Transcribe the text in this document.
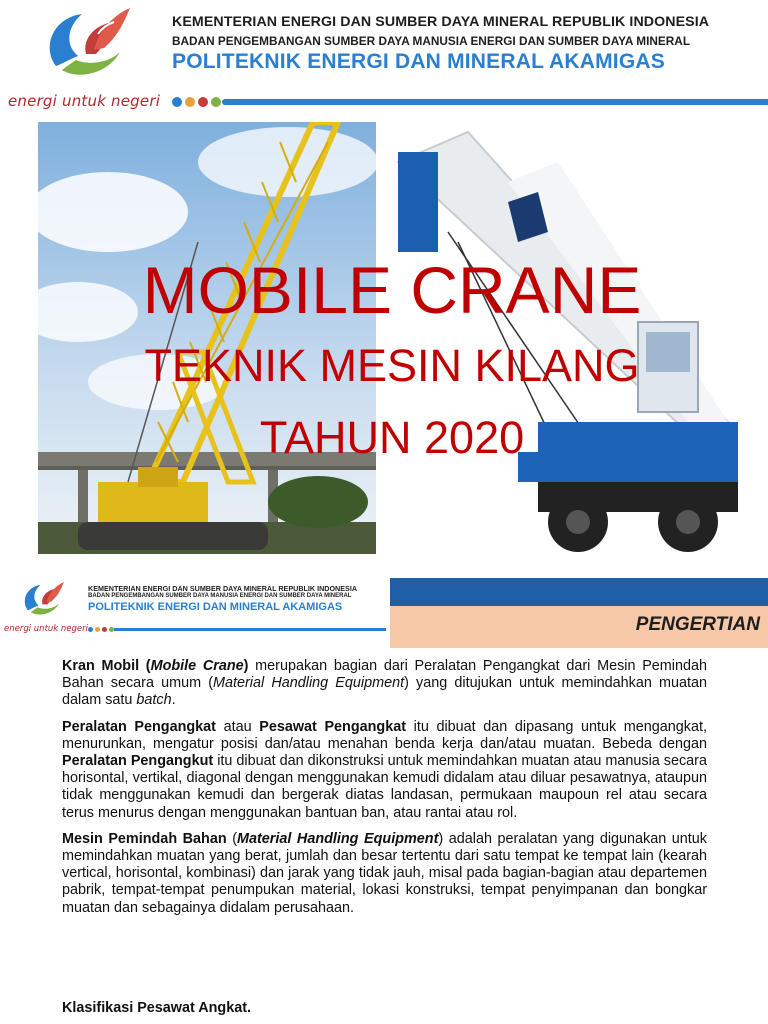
energi untuk negeri
KEMENTERIAN ENERGI DAN SUMBER DAYA MINERAL REPUBLIK INDONESIA
BADAN PENGEMBANGAN SUMBER DAYA MANUSIA ENERGI DAN SUMBER DAYA MINERAL
POLITEKNIK ENERGI DAN MINERAL AKAMIGAS
MOBILE CRANE
TEKNIK MESIN KILANG
TAHUN 2020
energi untuk negeri
KEMENTERIAN ENERGI DAN SUMBER DAYA MINERAL REPUBLIK INDONESIA
BADAN PENGEMBANGAN SUMBER DAYA MANUSIA ENERGI DAN SUMBER DAYA MINERAL
POLITEKNIK ENERGI DAN MINERAL AKAMIGAS
PENGERTIAN

Kran Mobil (Mobile Crane) merupakan bagian dari Peralatan Pengangkat dari Mesin Pemindah Bahan secara umum (Material Handling Equipment) yang ditujukan untuk memindahkan muatan dalam satu batch.

Peralatan Pengangkat atau Pesawat Pengangkat itu dibuat dan dipasang untuk mengangkat, menurunkan, mengatur posisi dan/atau menahan benda kerja dan/atau muatan. Bebeda dengan Peralatan Pengangkut itu dibuat dan dikonstruksi untuk memindahkan muatan atau manusia secara horisontal, vertikal, diagonal dengan menggunakan kemudi didalam atau diluar pesawatnya, ataupun tidak menggunakan kemudi dan bergerak diatas landasan, permukaan maupoun rel atau secara terus menurus dengan menggunakan bantuan ban, atau rantai atau rol.

Mesin Pemindah Bahan (Material Handling Equipment) adalah peralatan yang digunakan untuk memindahkan muatan yang berat, jumlah dan besar tertentu dari satu tempat ke tempat lain (kearah vertical, horisontal, kombinasi) dan jarak yang tidak jauh, misal pada bagian-bagian atau departemen pabrik, tempat-tempat penumpukan material, lokasi konstruksi, tempat penyimpanan dan bongkar muatan dan sebagainya didalam perusahaan.

Klasifikasi Pesawat Angkat.
